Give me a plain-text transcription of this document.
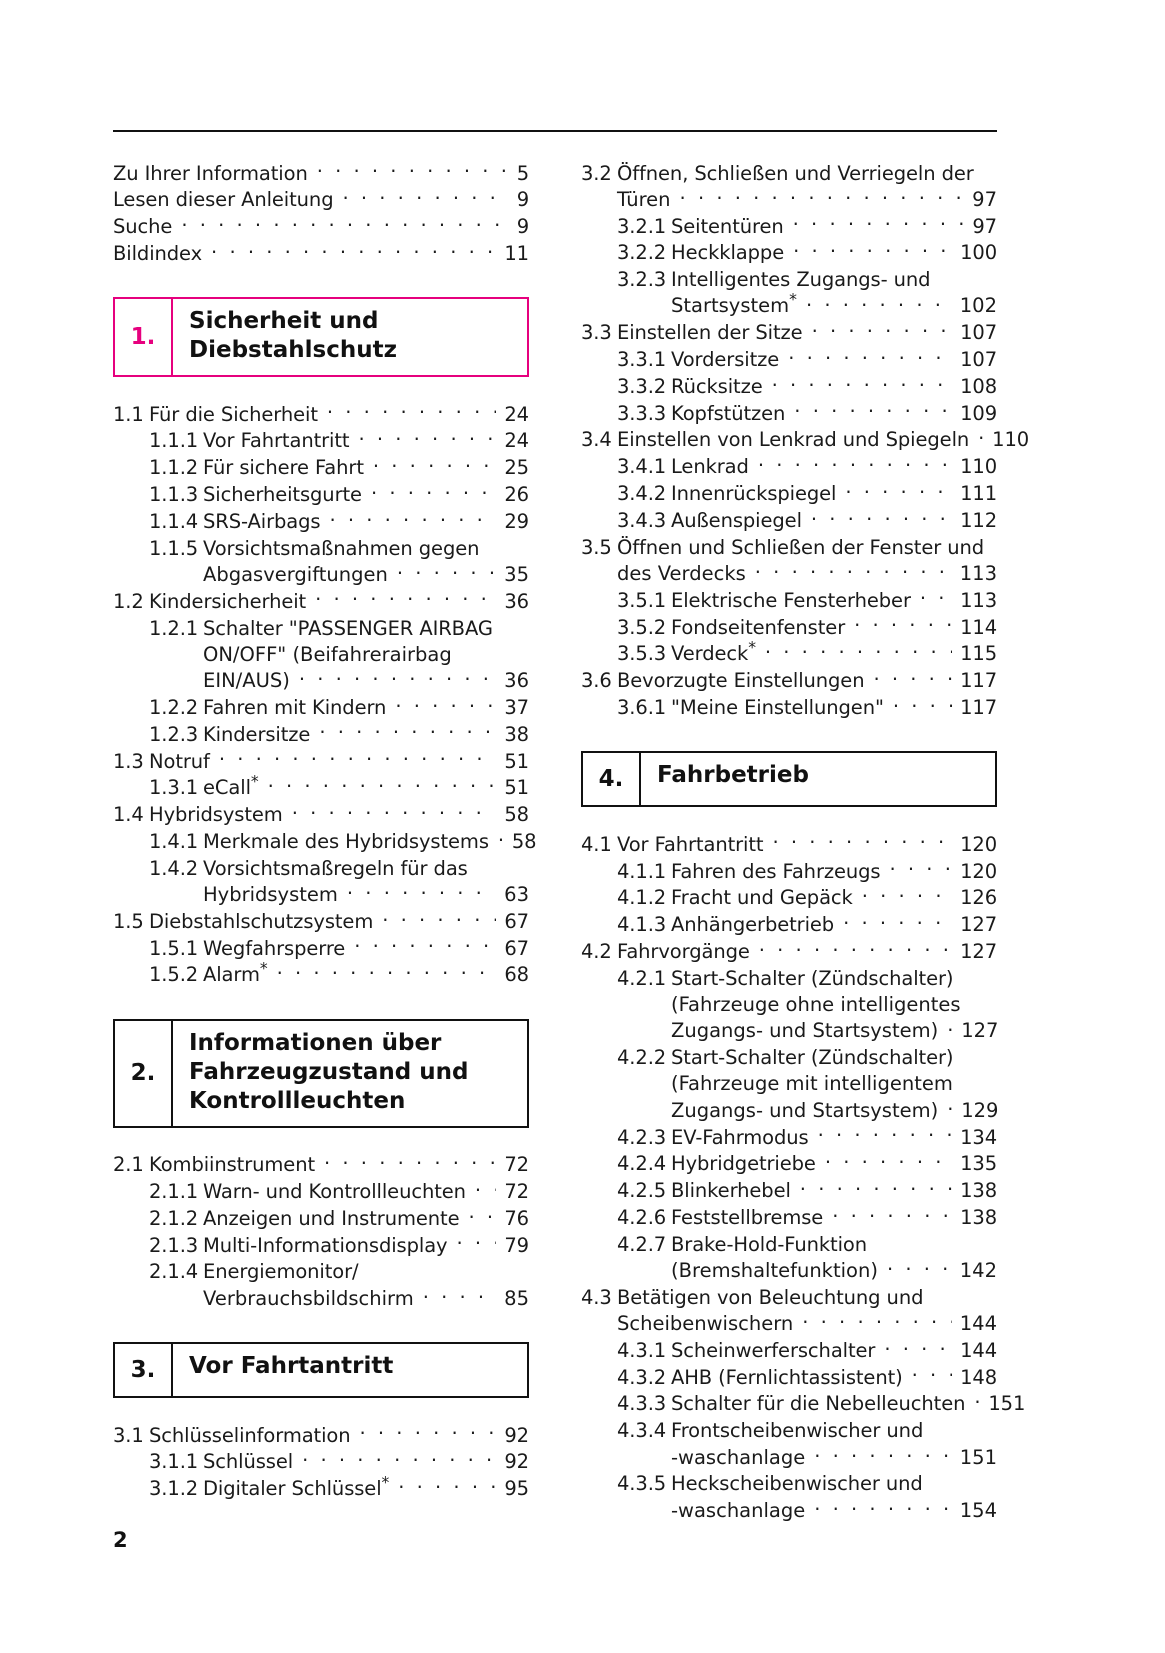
Zu Ihrer Information . . .	5
Lesen dieser Anleitung . . .	9
Suche . . .	9
Bildindex . . .	11
1.
Sicherheit und
Diebstahlschutz
1.1 Für die Sicherheit . . .	24
1.1.1 Vor Fahrtantritt . . .	24
1.1.2 Für sichere Fahrt . . .	25
1.1.3 Sicherheitsgurte . . .	26
1.1.4 SRS-Airbags . . .	29
1.1.5 Vorsichtsmaßnahmen gegen
Abgasvergiftungen . . .	35
1.2 Kindersicherheit . . .	36
1.2.1 Schalter "PASSENGER AIRBAG
ON/OFF" (Beifahrerairbag
EIN/AUS) . . .	36
1.2.2 Fahren mit Kindern . . .	37
1.2.3 Kindersitze . . .	38
1.3 Notruf . . .	51
1.3.1 eCall* . . .	51
1.4 Hybridsystem . . .	58
1.4.1 Merkmale des Hybridsystems . . .	58
1.4.2 Vorsichtsmaßregeln für das
Hybridsystem . . .	63
1.5 Diebstahlschutzsystem . . .	67
1.5.1 Wegfahrsperre . . .	67
1.5.2 Alarm* . . .	68
2.
Informationen über
Fahrzeugzustand und
Kontrollleuchten
2.1 Kombiinstrument . . .	72
2.1.1 Warn- und Kontrollleuchten . . .	72
2.1.2 Anzeigen und Instrumente . . .	76
2.1.3 Multi-Informationsdisplay . . .	79
2.1.4 Energiemonitor/
Verbrauchsbildschirm . . .	85
3.	Vor Fahrtantritt
3.1 Schlüsselinformation . . .	92
3.1.1 Schlüssel . . .	92
3.1.2 Digitaler Schlüssel* . . .	95
3.2 Öffnen, Schließen und Verriegeln der
Türen . . .	97
3.2.1 Seitentüren . . .	97
3.2.2 Heckklappe . . .	100
3.2.3 Intelligentes Zugangs- und
Startsystem* . . .	102
3.3 Einstellen der Sitze . . .	107
3.3.1 Vordersitze . . .	107
3.3.2 Rücksitze . . .	108
3.3.3 Kopfstützen . . .	109
3.4 Einstellen von Lenkrad und Spiegeln . . .	110
3.4.1 Lenkrad . . .	110
3.4.2 Innenrückspiegel . . .	111
3.4.3 Außenspiegel . . .	112
3.5 Öffnen und Schließen der Fenster und
des Verdecks . . .	113
3.5.1 Elektrische Fensterheber . . .	113
3.5.2 Fondseitenfenster . . .	114
3.5.3 Verdeck* . . .	115
3.6 Bevorzugte Einstellungen . . .	117
3.6.1 "Meine Einstellungen" . . .	117
4.	Fahrbetrieb
4.1 Vor Fahrtantritt . . .	120
4.1.1 Fahren des Fahrzeugs . . .	120
4.1.2 Fracht und Gepäck . . .	126
4.1.3 Anhängerbetrieb . . .	127
4.2 Fahrvorgänge . . .	127
4.2.1 Start-Schalter (Zündschalter)
(Fahrzeuge ohne intelligentes
Zugangs- und Startsystem) . . .	127
4.2.2 Start-Schalter (Zündschalter)
(Fahrzeuge mit intelligentem
Zugangs- und Startsystem) . . .	129
4.2.3 EV-Fahrmodus . . .	134
4.2.4 Hybridgetriebe . . .	135
4.2.5 Blinkerhebel . . .	138
4.2.6 Feststellbremse . . .	138
4.2.7 Brake-Hold-Funktion
(Bremshaltefunktion) . . .	142
4.3 Betätigen von Beleuchtung und
Scheibenwischern . . .	144
4.3.1 Scheinwerferschalter . . .	144
4.3.2 AHB (Fernlichtassistent) . . .	148
4.3.3 Schalter für die Nebelleuchten . . .	151
4.3.4 Frontscheibenwischer und
-waschanlage . . .	151
4.3.5 Heckscheibenwischer und
-waschanlage . . .	154
2
